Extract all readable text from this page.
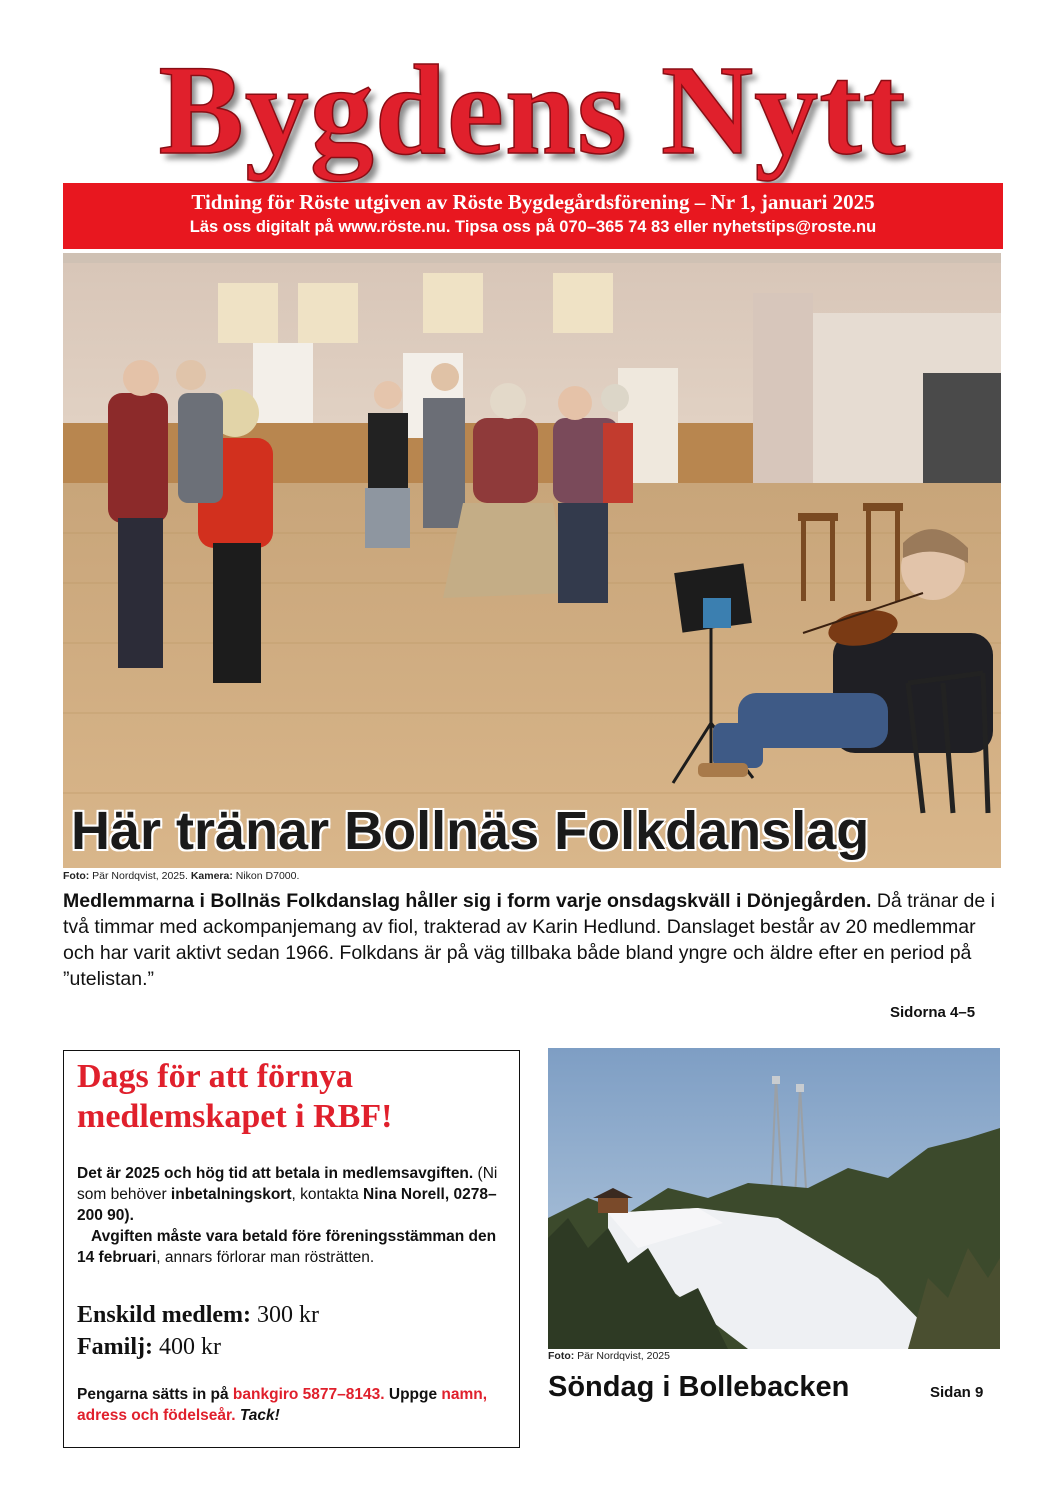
Bygdens Nytt
Tidning för Röste utgiven av Röste Bygdegårdsförening – Nr 1, januari 2025
Läs oss digitalt på www.röste.nu. Tipsa oss på 070–365 74 83 eller nyhetstips@roste.nu
Här tränar Bollnäs Folkdanslag
Foto: Pär Nordqvist, 2025. Kamera: Nikon D7000.
Medlemmarna i Bollnäs Folkdanslag håller sig i form varje onsdagskväll i Dönjegården. Då tränar de i två timmar med ackompanjemang av fiol, trakterad av Karin Hedlund. Danslaget består av 20 medlemmar och har varit aktivt sedan 1966. Folkdans är på väg tillbaka både bland yngre och äldre efter en period på ”utelistan.”
Sidorna 4–5
Dags för att förnya medlemskapet i RBF!

Det är 2025 och hög tid att betala in medlemsavgiften. (Ni som behöver inbetalningskort, kontakta Nina Norell, 0278–200 90).

Avgiften måste vara betald före föreningsstämman den 14 februari, annars förlorar man rösträtten.

Enskild medlem: 300 kr
Familj: 400 kr
Pengarna sätts in på bankgiro 5877–8143. Uppge namn, adress och födelseår. Tack!
Foto: Pär Nordqvist, 2025
Söndag i Bollebacken	Sidan 9
